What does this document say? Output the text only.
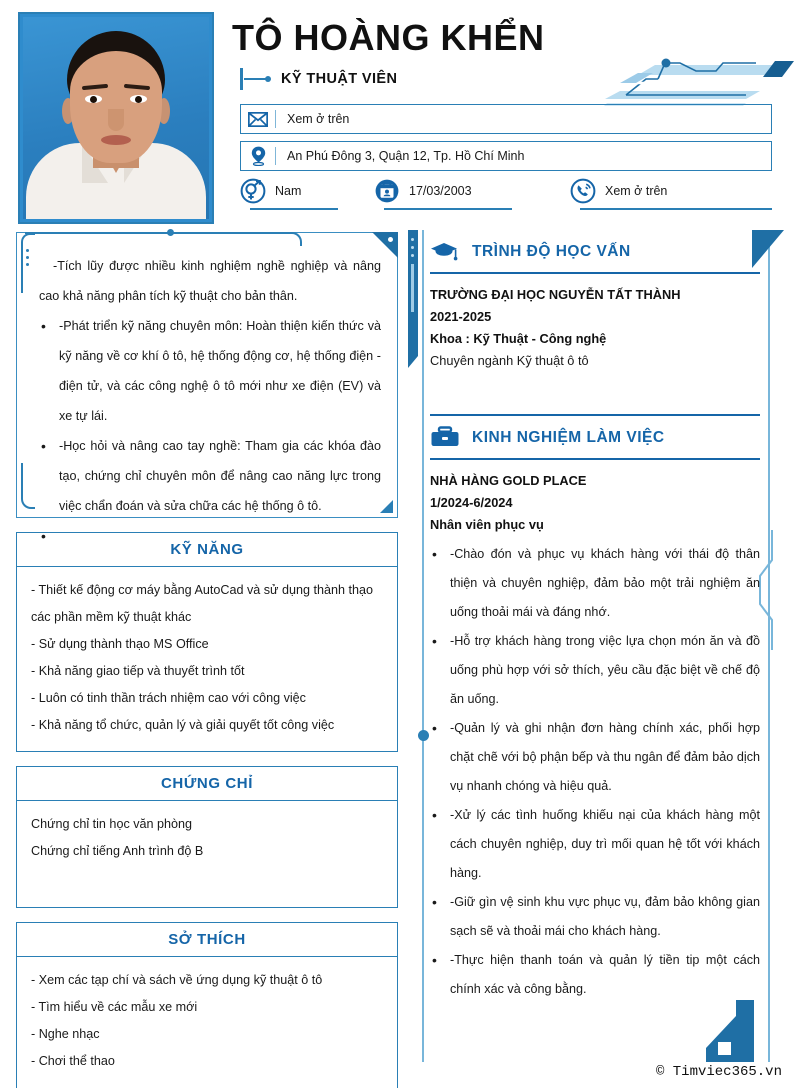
TÔ HOÀNG KHỂN
KỸ THUẬT VIÊN
Xem ở trên
An Phú Đông 3, Quận 12, Tp. Hồ Chí Minh
Nam	17/03/2003	Xem ở trên
-Tích lũy được nhiều kinh nghiệm nghề nghiệp và nâng cao khả năng phân tích kỹ thuật cho bản thân.
• -Phát triển kỹ năng chuyên môn: Hoàn thiện kiến thức và kỹ năng về cơ khí ô tô, hệ thống động cơ, hệ thống điện - điện tử, và các công nghệ ô tô mới như xe điện (EV) và xe tự lái.
• -Học hỏi và nâng cao tay nghề: Tham gia các khóa đào tạo, chứng chỉ chuyên môn để nâng cao năng lực trong việc chẩn đoán và sửa chữa các hệ thống ô tô.
KỸ NĂNG
- Thiết kế động cơ máy bằng AutoCad và sử dụng thành thạo các phần mềm kỹ thuật khác
- Sử dụng thành thạo MS Office
- Khả năng giao tiếp và thuyết trình tốt
- Luôn có tinh thần trách nhiệm cao với công việc
- Khả năng tổ chức, quản lý và giải quyết tốt công việc
CHỨNG CHỈ
Chứng chỉ tin học văn phòng
Chứng chỉ tiếng Anh trình độ B
SỞ THÍCH
- Xem các tạp chí và sách về ứng dụng kỹ thuật ô tô
- Tìm hiểu về các mẫu xe mới
- Nghe nhạc
- Chơi thể thao
TRÌNH ĐỘ HỌC VẤN
TRƯỜNG ĐẠI HỌC NGUYỄN TẤT THÀNH
2021-2025
Khoa : Kỹ Thuật - Công nghệ
Chuyên ngành Kỹ thuật ô tô
KINH NGHIỆM LÀM VIỆC
NHÀ HÀNG GOLD PLACE
1/2024-6/2024
Nhân viên phục vụ
• -Chào đón và phục vụ khách hàng với thái độ thân thiện và chuyên nghiệp, đảm bảo một trải nghiệm ăn uống thoải mái và đáng nhớ.
• -Hỗ trợ khách hàng trong việc lựa chọn món ăn và đồ uống phù hợp với sở thích, yêu cầu đặc biệt về chế độ ăn uống.
• -Quản lý và ghi nhận đơn hàng chính xác, phối hợp chặt chẽ với bộ phận bếp và thu ngân để đảm bảo dịch vụ nhanh chóng và hiệu quả.
• -Xử lý các tình huống khiếu nại của khách hàng một cách chuyên nghiệp, duy trì mối quan hệ tốt với khách hàng.
• -Giữ gìn vệ sinh khu vực phục vụ, đảm bảo không gian sạch sẽ và thoải mái cho khách hàng.
• -Thực hiện thanh toán và quản lý tiền tip một cách chính xác và công bằng.
© Timviec365.vn
